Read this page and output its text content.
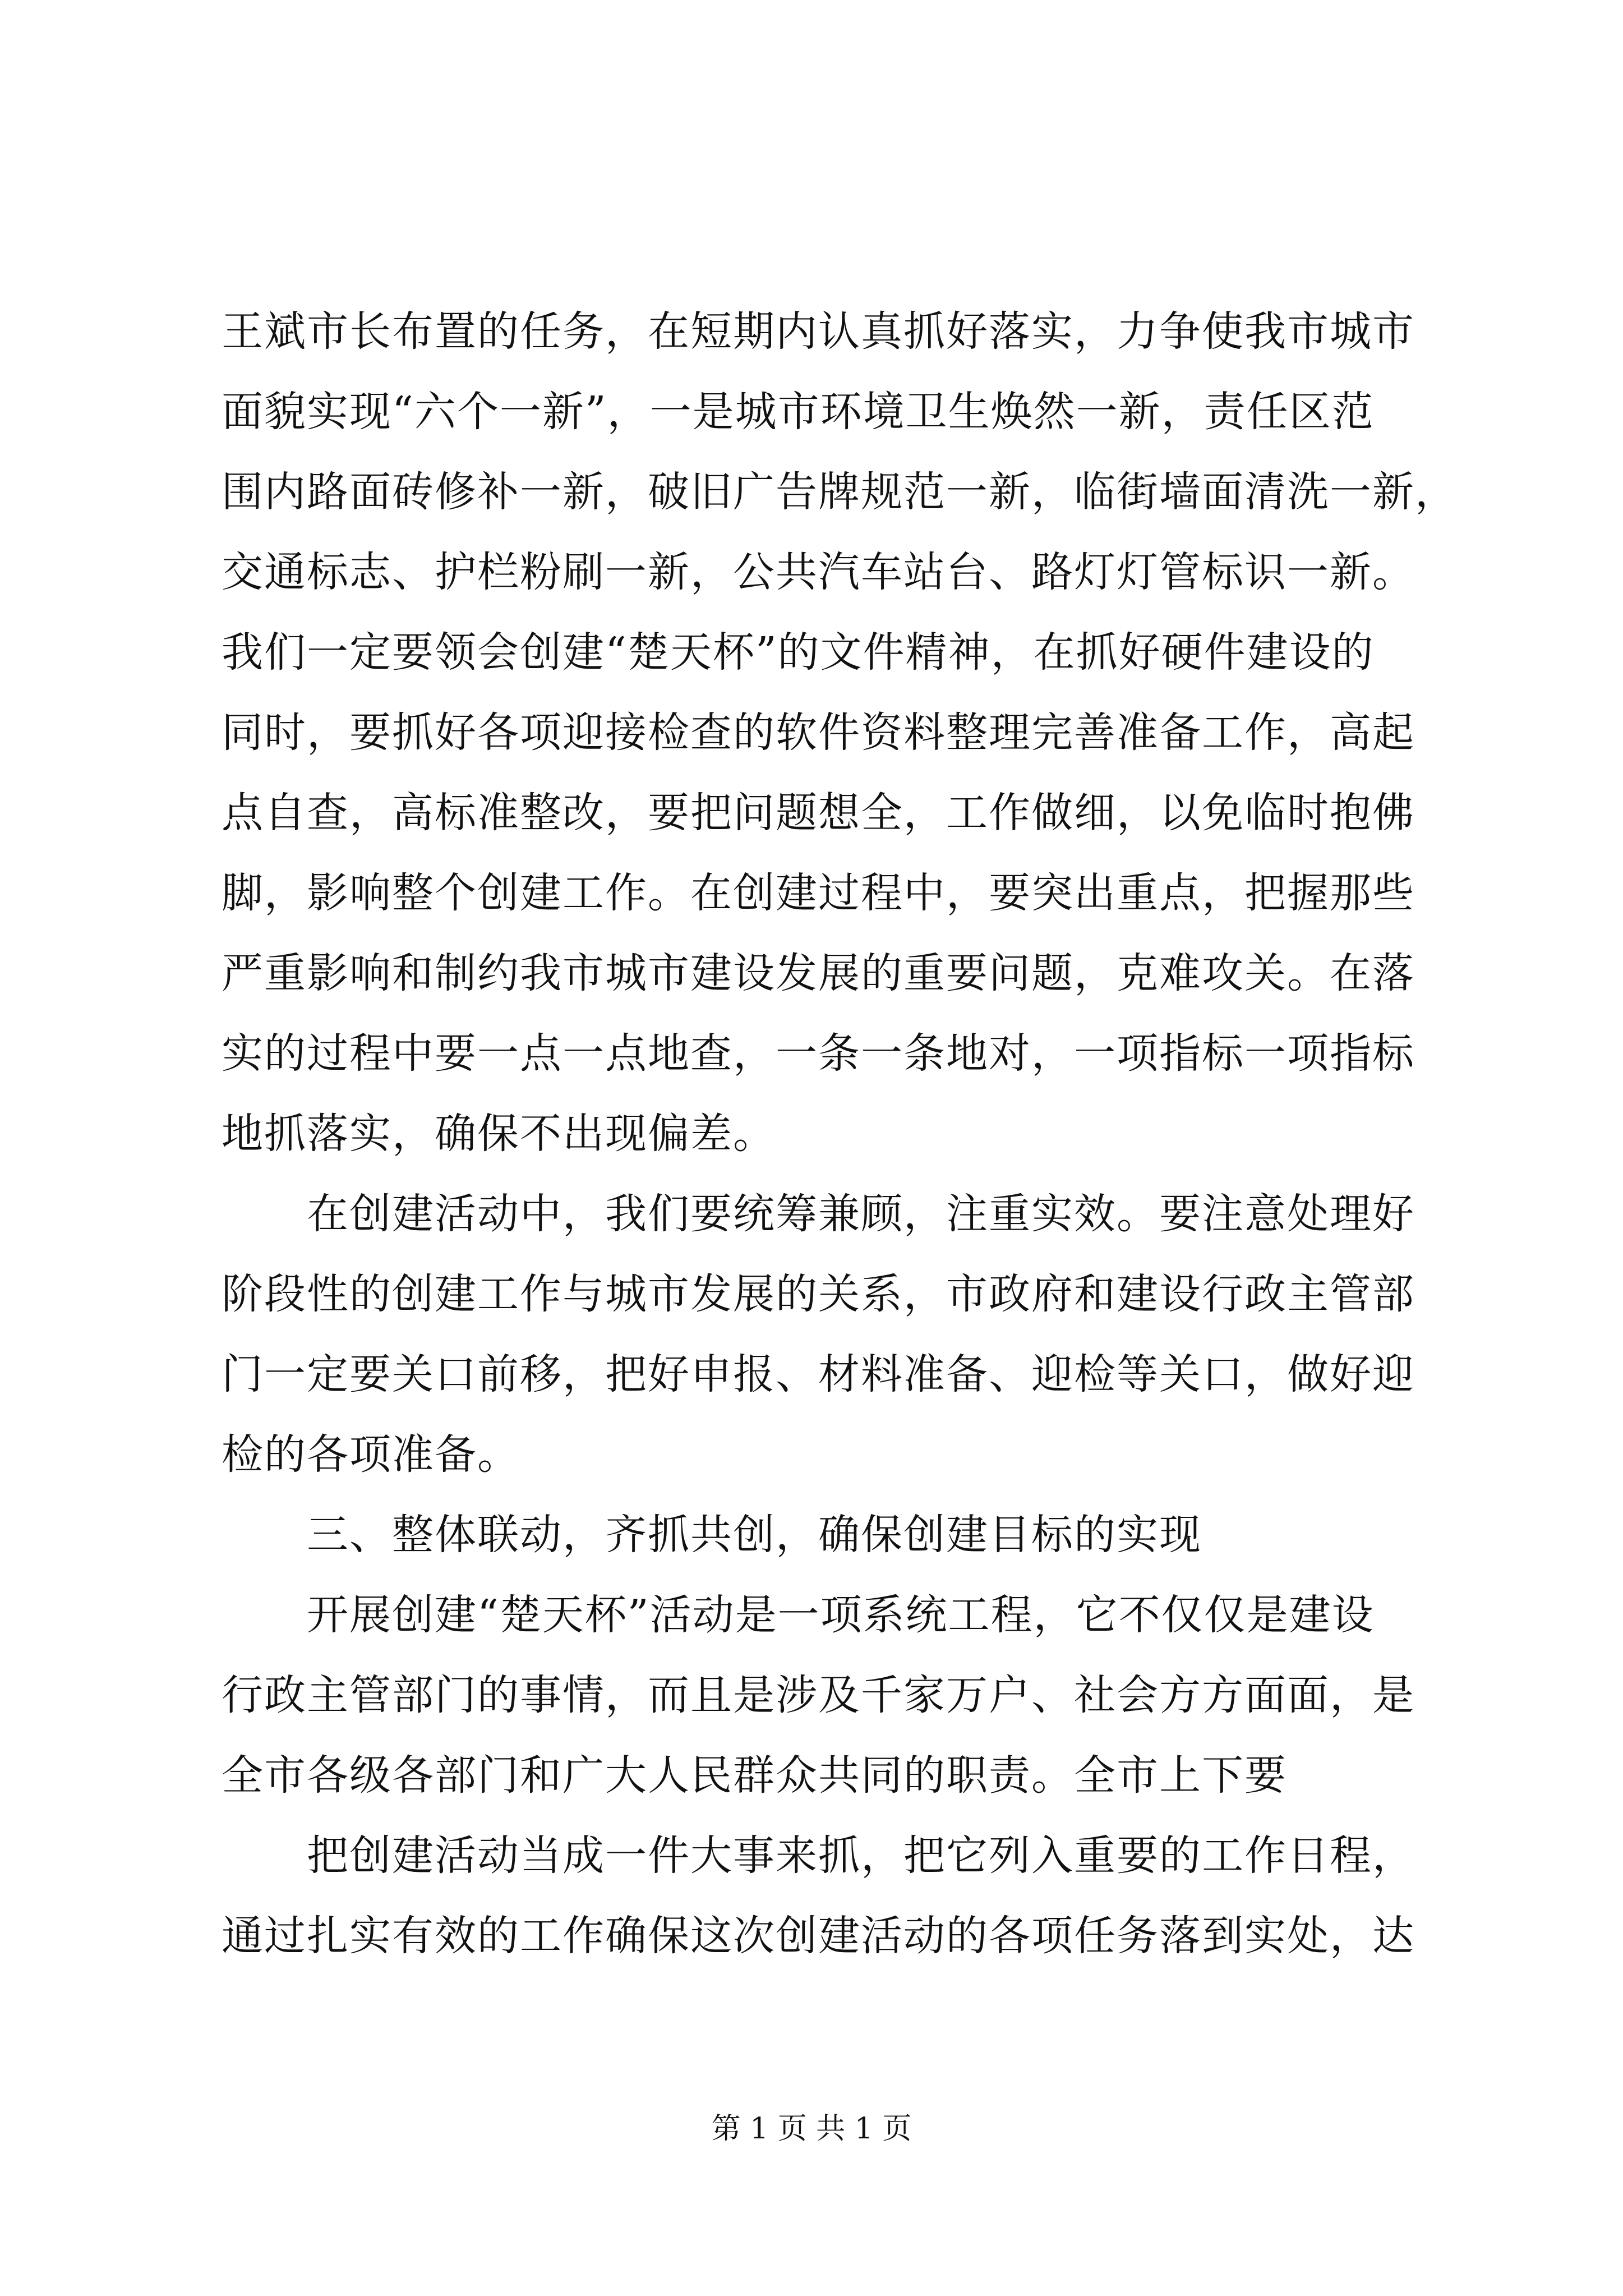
王斌市长布置的任务，在短期内认真抓好落实，力争使我市城市
面貌实现“六个一新”，一是城市环境卫生焕然一新，责任区范
围内路面砖修补一新，破旧广告牌规范一新，临街墙面清洗一新，
交通标志、护栏粉刷一新，公共汽车站台、路灯灯管标识一新。
我们一定要领会创建“楚天杯”的文件精神，在抓好硬件建设的
同时，要抓好各项迎接检查的软件资料整理完善准备工作，高起
点自查，高标准整改，要把问题想全，工作做细，以免临时抱佛
脚，影响整个创建工作。在创建过程中，要突出重点，把握那些
严重影响和制约我市城市建设发展的重要问题，克难攻关。在落
实的过程中要一点一点地查，一条一条地对，一项指标一项指标
地抓落实，确保不出现偏差。
　　在创建活动中，我们要统筹兼顾，注重实效。要注意处理好
阶段性的创建工作与城市发展的关系，市政府和建设行政主管部
门一定要关口前移，把好申报、材料准备、迎检等关口，做好迎
检的各项准备。
　　三、整体联动，齐抓共创，确保创建目标的实现
　　开展创建“楚天杯”活动是一项系统工程，它不仅仅是建设
行政主管部门的事情，而且是涉及千家万户、社会方方面面，是
全市各级各部门和广大人民群众共同的职责。全市上下要
　　把创建活动当成一件大事来抓，把它列入重要的工作日程，
通过扎实有效的工作确保这次创建活动的各项任务落到实处，达
第 1 页 共 1 页
